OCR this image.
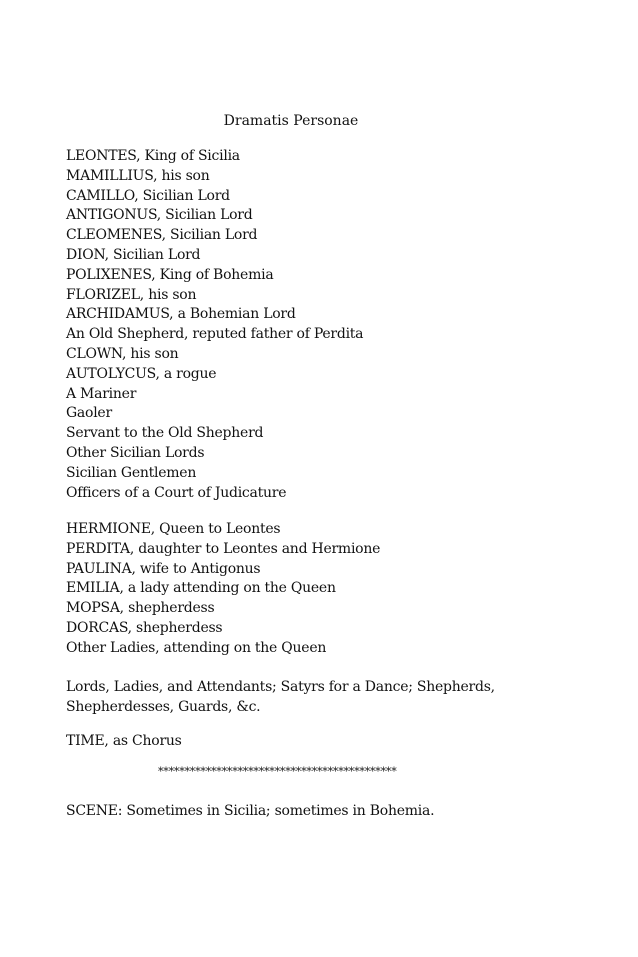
Dramatis Personae
LEONTES, King of Sicilia
MAMILLIUS, his son
CAMILLO, Sicilian Lord
ANTIGONUS, Sicilian Lord
CLEOMENES, Sicilian Lord
DION, Sicilian Lord
POLIXENES, King of Bohemia
FLORIZEL, his son
ARCHIDAMUS, a Bohemian Lord
An Old Shepherd, reputed father of Perdita
CLOWN, his son
AUTOLYCUS, a rogue
A Mariner
Gaoler
Servant to the Old Shepherd
Other Sicilian Lords
Sicilian Gentlemen
Officers of a Court of Judicature
HERMIONE, Queen to Leontes
PERDITA, daughter to Leontes and Hermione
PAULINA, wife to Antigonus
EMILIA, a lady attending on the Queen
MOPSA, shepherdess
DORCAS, shepherdess
Other Ladies, attending on the Queen
Lords, Ladies, and Attendants; Satyrs for a Dance; Shepherds,
Shepherdesses, Guards, &c.
TIME, as Chorus
*********************************************
SCENE: Sometimes in Sicilia; sometimes in Bohemia.
